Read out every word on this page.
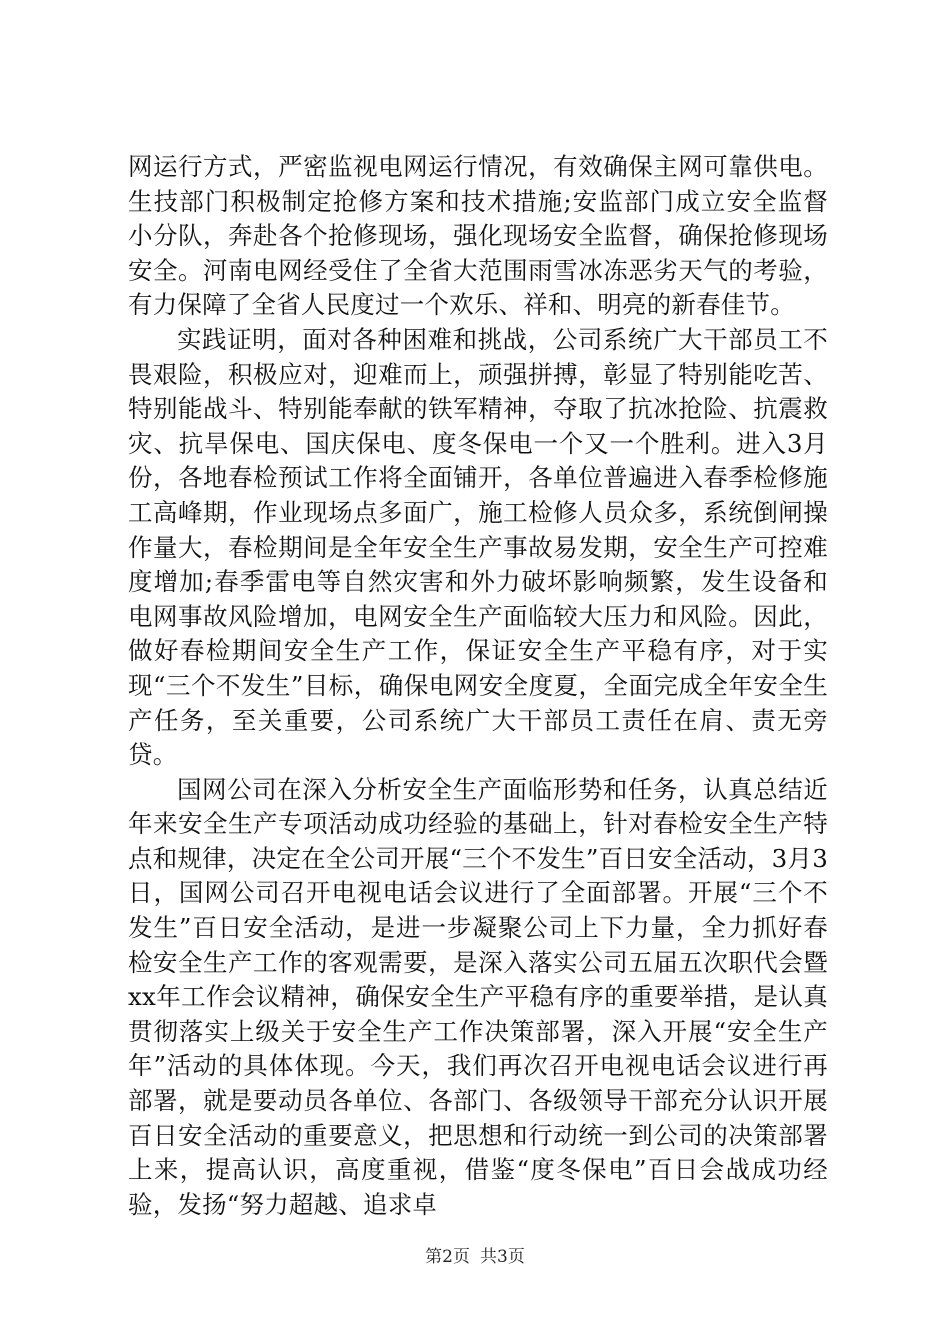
网运行方式，严密监视电网运行情况，有效确保主网可靠供电。生技部门积极制定抢修方案和技术措施;安监部门成立安全监督小分队，奔赴各个抢修现场，强化现场安全监督，确保抢修现场安全。河南电网经受住了全省大范围雨雪冰冻恶劣天气的考验，有力保障了全省人民度过一个欢乐、祥和、明亮的新春佳节。

实践证明，面对各种困难和挑战，公司系统广大干部员工不畏艰险，积极应对，迎难而上，顽强拼搏，彰显了特别能吃苦、特别能战斗、特别能奉献的铁军精神，夺取了抗冰抢险、抗震救灾、抗旱保电、国庆保电、度冬保电一个又一个胜利。进入3月份，各地春检预试工作将全面铺开，各单位普遍进入春季检修施工高峰期，作业现场点多面广，施工检修人员众多，系统倒闸操作量大，春检期间是全年安全生产事故易发期，安全生产可控难度增加;春季雷电等自然灾害和外力破坏影响频繁，发生设备和电网事故风险增加，电网安全生产面临较大压力和风险。因此，做好春检期间安全生产工作，保证安全生产平稳有序，对于实现“三个不发生”目标，确保电网安全度夏，全面完成全年安全生产任务，至关重要，公司系统广大干部员工责任在肩、责无旁贷。

国网公司在深入分析安全生产面临形势和任务，认真总结近年来安全生产专项活动成功经验的基础上，针对春检安全生产特点和规律，决定在全公司开展“三个不发生”百日安全活动，3月3日，国网公司召开电视电话会议进行了全面部署。开展“三个不发生”百日安全活动，是进一步凝聚公司上下力量，全力抓好春检安全生产工作的客观需要，是深入落实公司五届五次职代会暨xx年工作会议精神，确保安全生产平稳有序的重要举措，是认真贯彻落实上级关于安全生产工作决策部署，深入开展“安全生产年”活动的具体体现。今天，我们再次召开电视电话会议进行再部署，就是要动员各单位、各部门、各级领导干部充分认识开展百日安全活动的重要意义，把思想和行动统一到公司的决策部署上来，提高认识，高度重视，借鉴“度冬保电”百日会战成功经验，发扬“努力超越、追求卓

第2页 共3页
